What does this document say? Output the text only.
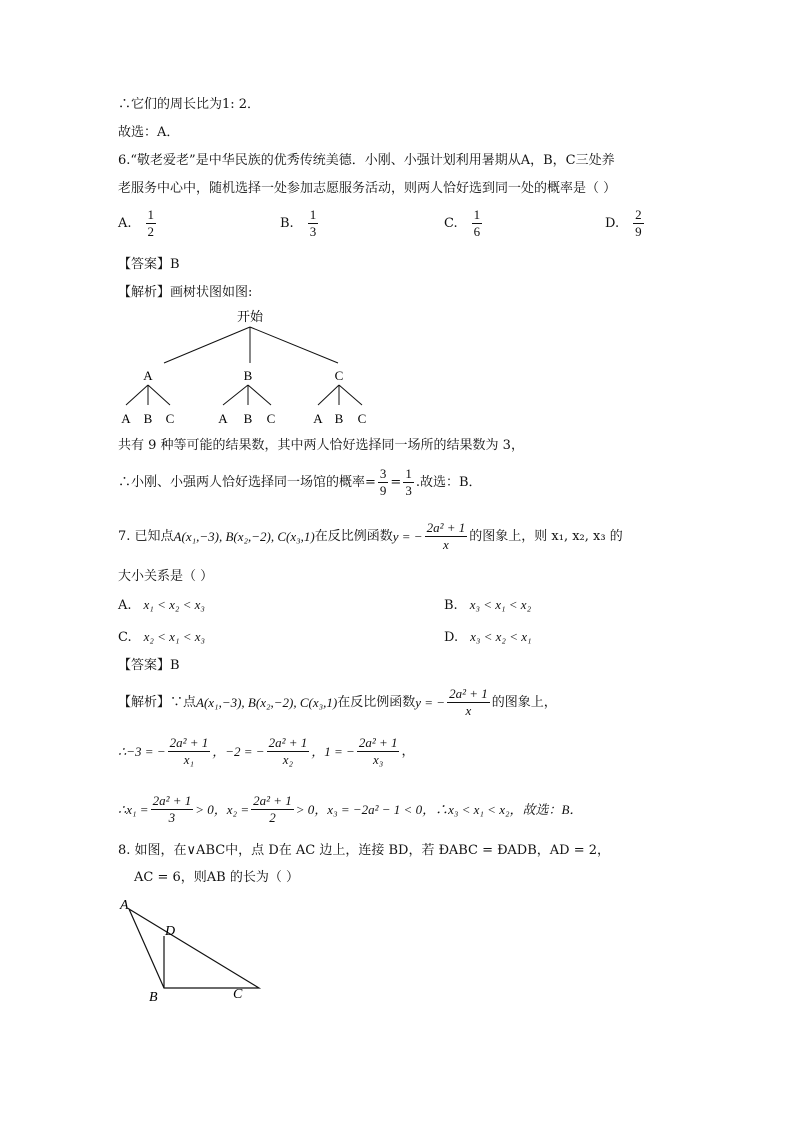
∴它们的周长比为1: 2．
故选：A．
6.“敬老爱老”是中华民族的优秀传统美德．小刚、小强计划利用暑期从A，B，C三处养
老服务中心中，随机选择一处参加志愿服务活动，则两人恰好选到同一处的概率是（ ）
A. $\frac{1}{2}$	B. $\frac{1}{3}$	C. $\frac{1}{6}$	D. $\frac{2}{9}$
【答案】B
【解析】画树状图如图:
开始
A	B	C
A B C	A B C	A B C
共有 9 种等可能的结果数，其中两人恰好选择同一场所的结果数为 3，
∴小刚、小强两人恰好选择同一场馆的概率= $\frac{3}{9} = \frac{1}{3}$ .故选：B．
7. 已知点 A(x₁,−3), B(x₂,−2), C(x₃,1) 在反比例函数 y = − $\frac{\text{2a² + 1}}{x}$ 的图象上，则 x₁, x₂, x₃ 的
大小关系是（ ）
A. x₁ < x₂ < x₃	B. x₃ < x₁ < x₂
C. x₂ < x₁ < x₃	D. x₃ < x₂ < x₁
【答案】B
【解析】∵点 A(x₁,−3), B(x₂,−2), C(x₃,1) 在反比例函数 y = − $\frac{\text{2a² + 1}}{x}$ 的图象上，
∴−3 = − $\frac{\text{2a² + 1}}{\text{x₁}}$ ，−2 = − $\frac{\text{2a² + 1}}{\text{x₂}}$ ，1 = − $\frac{\text{2a² + 1}}{\text{x₃}}$ ，
∴x₁ = $\frac{\text{2a² + 1}}{3} > 0$，$x_2 = \frac{\text{2a² + 1}}{2} > 0$，x₃ = −2a² − 1 < 0，∴x₃ < x₁ < x₂，故选：B．
8. 如图，在∨ABC中，点 D在 AC 边上，连接 BD，若 ÐABC = ÐADB，AD = 2，
AC = 6，则AB 的长为（ ）
A
D
B	C
